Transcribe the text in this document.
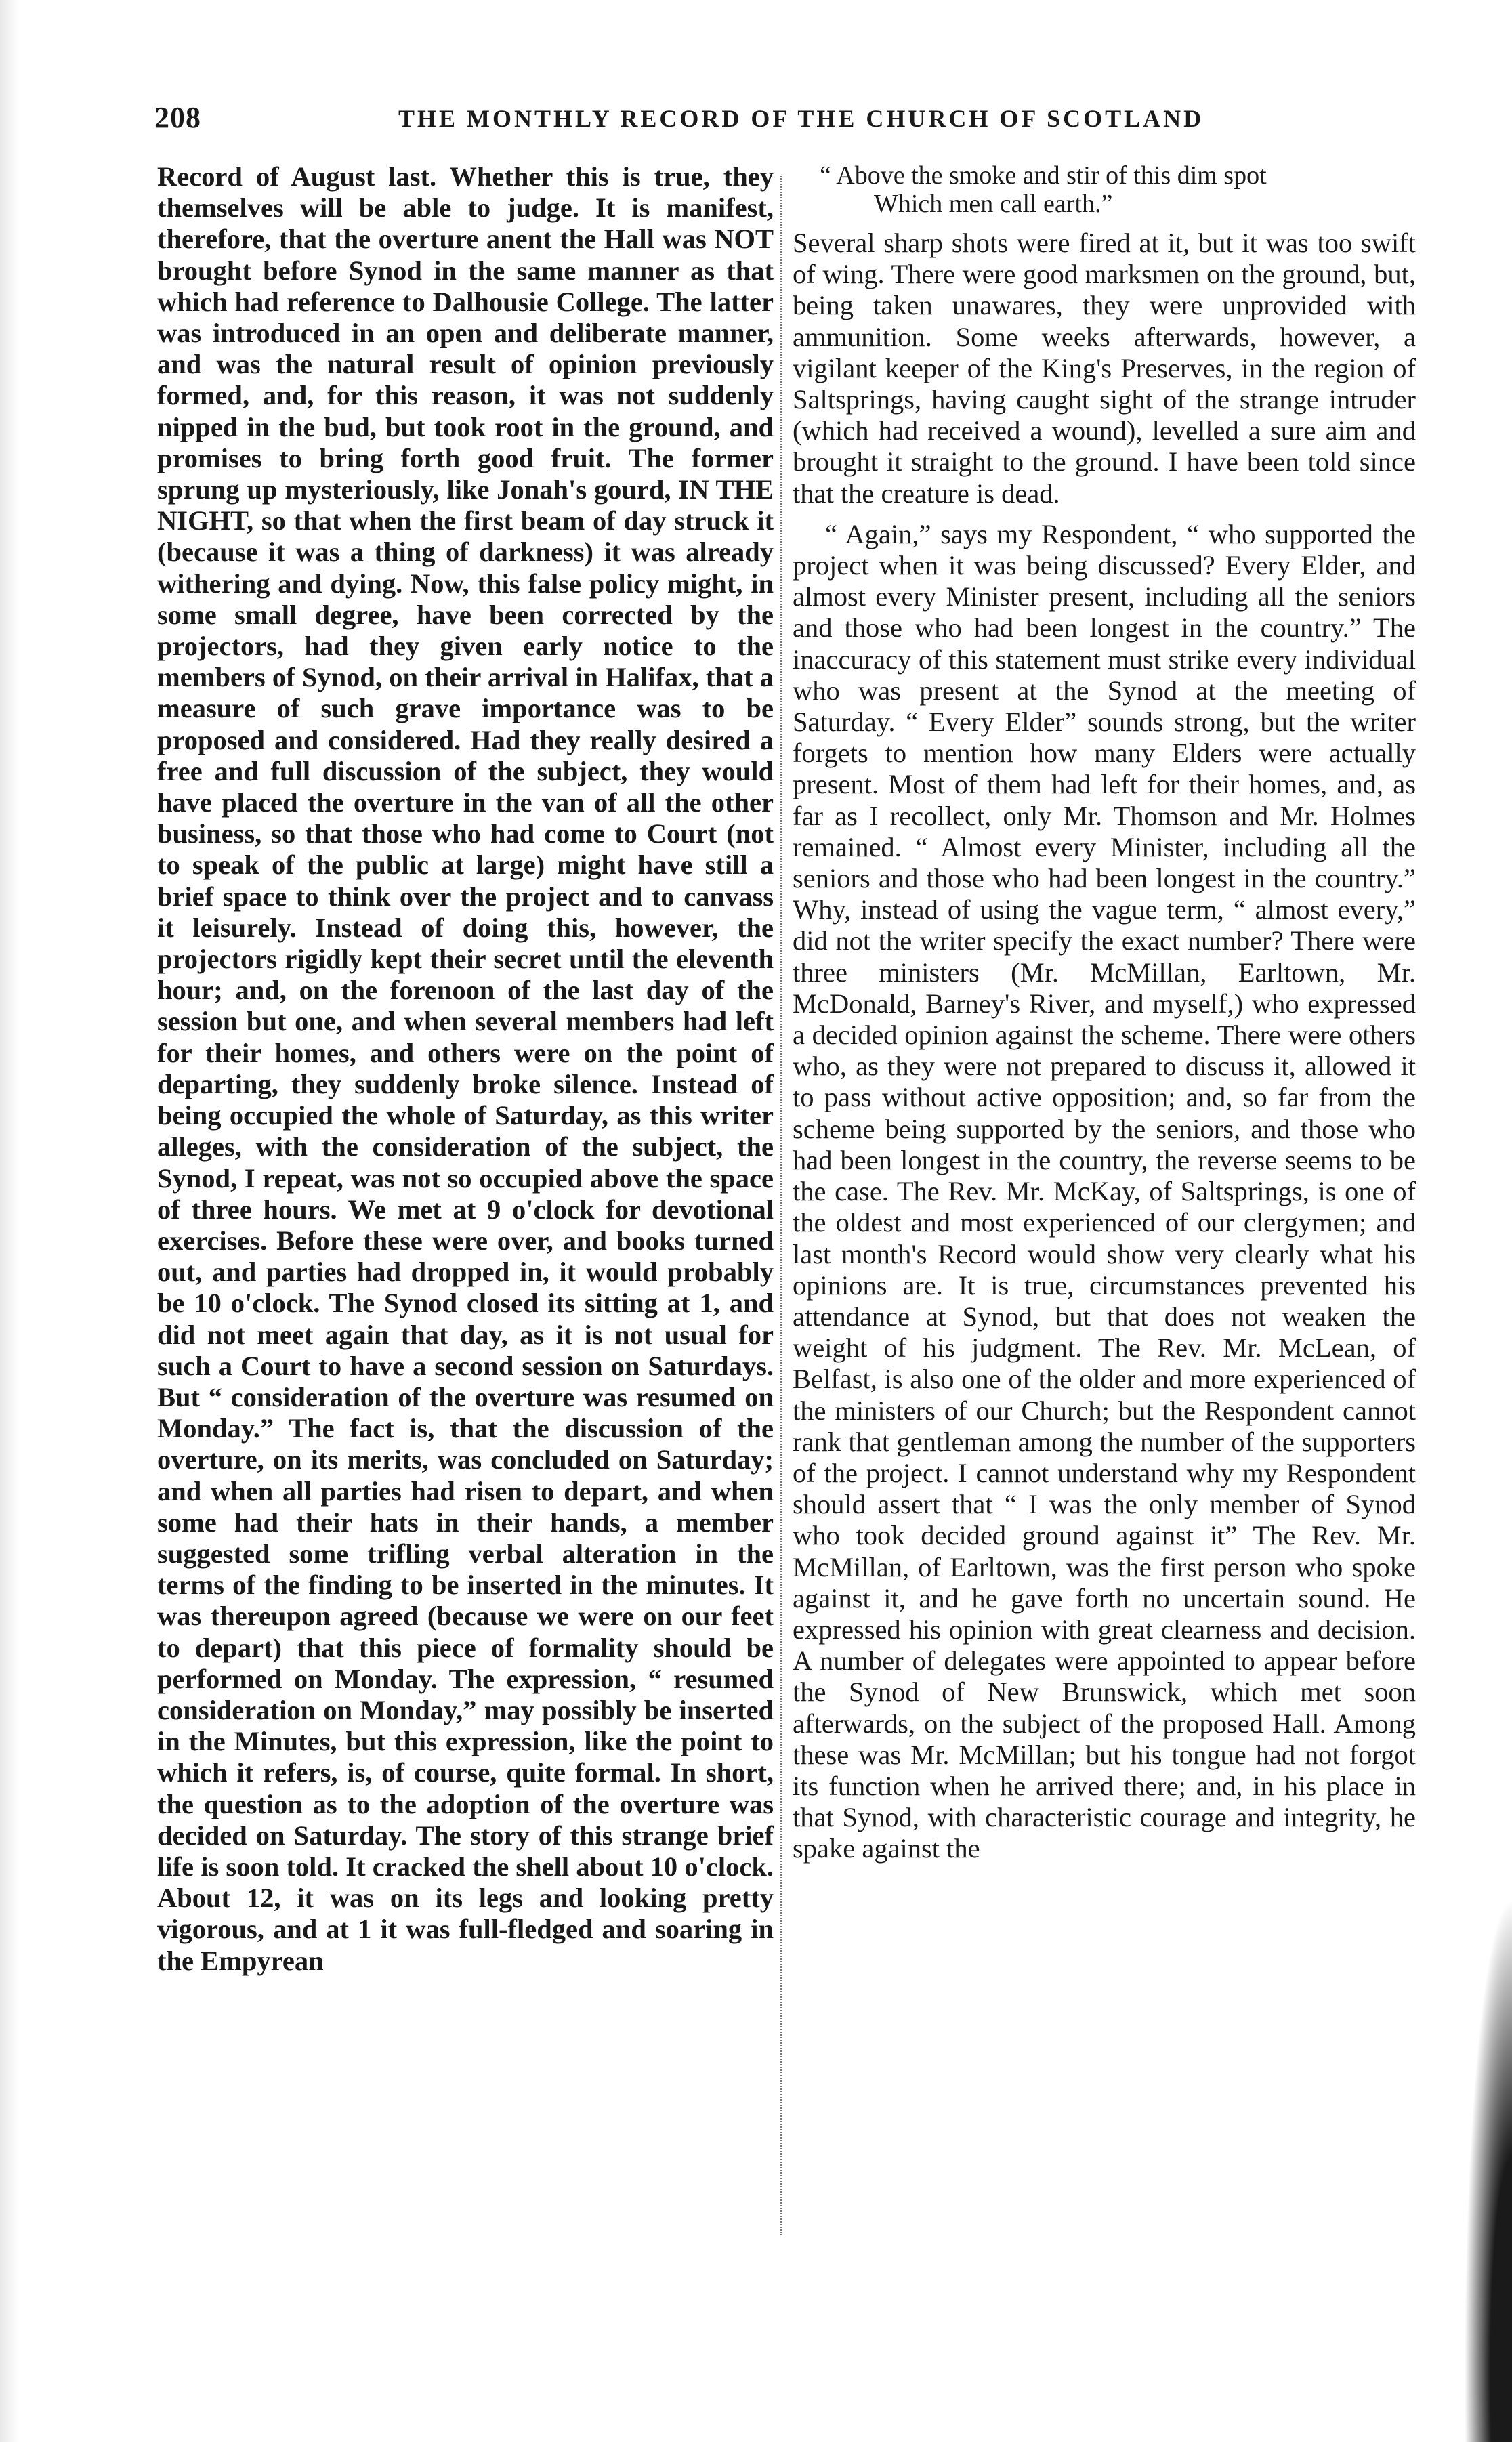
208	THE MONTHLY RECORD OF THE CHURCH OF SCOTLAND

Record of August last. Whether this is true, they themselves will be able to judge. It is manifest, therefore, that the overture anent the Hall was NOT brought before Synod in the same manner as that which had reference to Dalhousie College. The latter was introduced in an open and deliberate manner, and was the natural result of opinion previously formed, and, for this reason, it was not suddenly nipped in the bud, but took root in the ground, and promises to bring forth good fruit. The former sprung up mysteriously, like Jonah's gourd, IN THE NIGHT, so that when the first beam of day struck it (because it was a thing of darkness) it was already withering and dying. Now, this false policy might, in some small degree, have been corrected by the projectors, had they given early notice to the members of Synod, on their arrival in Halifax, that a measure of such grave importance was to be proposed and considered. Had they really desired a free and full discussion of the subject, they would have placed the overture in the van of all the other business, so that those who had come to Court (not to speak of the public at large) might have still a brief space to think over the project and to canvass it leisurely. Instead of doing this, however, the projectors rigidly kept their secret until the eleventh hour; and, on the forenoon of the last day of the session but one, and when several members had left for their homes, and others were on the point of departing, they suddenly broke silence. Instead of being occupied the whole of Saturday, as this writer alleges, with the consideration of the subject, the Synod, I repeat, was not so occupied above the space of three hours. We met at 9 o'clock for devotional exercises. Before these were over, and books turned out, and parties had dropped in, it would probably be 10 o'clock. The Synod closed its sitting at 1, and did not meet again that day, as it is not usual for such a Court to have a second session on Saturdays. But “ consideration of the overture was resumed on Monday.” The fact is, that the discussion of the overture, on its merits, was concluded on Saturday; and when all parties had risen to depart, and when some had their hats in their hands, a member suggested some trifling verbal alteration in the terms of the finding to be inserted in the minutes. It was thereupon agreed (because we were on our feet to depart) that this piece of formality should be performed on Monday. The expression, “ resumed consideration on Monday,” may possibly be inserted in the Minutes, but this expression, like the point to which it refers, is, of course, quite formal. In short, the question as to the adoption of the overture was decided on Saturday. The story of this strange brief life is soon told. It cracked the shell about 10 o'clock. About 12, it was on its legs and looking pretty vigorous, and at 1 it was full-fledged and soaring in the Empyrean

“ Above the smoke and stir of this dim spot
Which men call earth.”

Several sharp shots were fired at it, but it was too swift of wing. There were good marksmen on the ground, but, being taken unawares, they were unprovided with ammunition. Some weeks afterwards, however, a vigilant keeper of the King's Preserves, in the region of Saltsprings, having caught sight of the strange intruder (which had received a wound), levelled a sure aim and brought it straight to the ground. I have been told since that the creature is dead.

“ Again,” says my Respondent, “ who supported the project when it was being discussed? Every Elder, and almost every Minister present, including all the seniors and those who had been longest in the country.” The inaccuracy of this statement must strike every individual who was present at the Synod at the meeting of Saturday. “ Every Elder” sounds strong, but the writer forgets to mention how many Elders were actually present. Most of them had left for their homes, and, as far as I recollect, only Mr. Thomson and Mr. Holmes remained. “ Almost every Minister, including all the seniors and those who had been longest in the country.” Why, instead of using the vague term, “ almost every,” did not the writer specify the exact number? There were three ministers (Mr. McMillan, Earltown, Mr. McDonald, Barney's River, and myself,) who expressed a decided opinion against the scheme. There were others who, as they were not prepared to discuss it, allowed it to pass without active opposition; and, so far from the scheme being supported by the seniors, and those who had been longest in the country, the reverse seems to be the case. The Rev. Mr. McKay, of Saltsprings, is one of the oldest and most experienced of our clergymen; and last month's Record would show very clearly what his opinions are. It is true, circumstances prevented his attendance at Synod, but that does not weaken the weight of his judgment. The Rev. Mr. McLean, of Belfast, is also one of the older and more experienced of the ministers of our Church; but the Respondent cannot rank that gentleman among the number of the supporters of the project. I cannot understand why my Respondent should assert that “ I was the only member of Synod who took decided ground against it” The Rev. Mr. McMillan, of Earltown, was the first person who spoke against it, and he gave forth no uncertain sound. He expressed his opinion with great clearness and decision. A number of delegates were appointed to appear before the Synod of New Brunswick, which met soon afterwards, on the subject of the proposed Hall. Among these was Mr. McMillan; but his tongue had not forgot its function when he arrived there; and, in his place in that Synod, with characteristic courage and integrity, he spake against the
